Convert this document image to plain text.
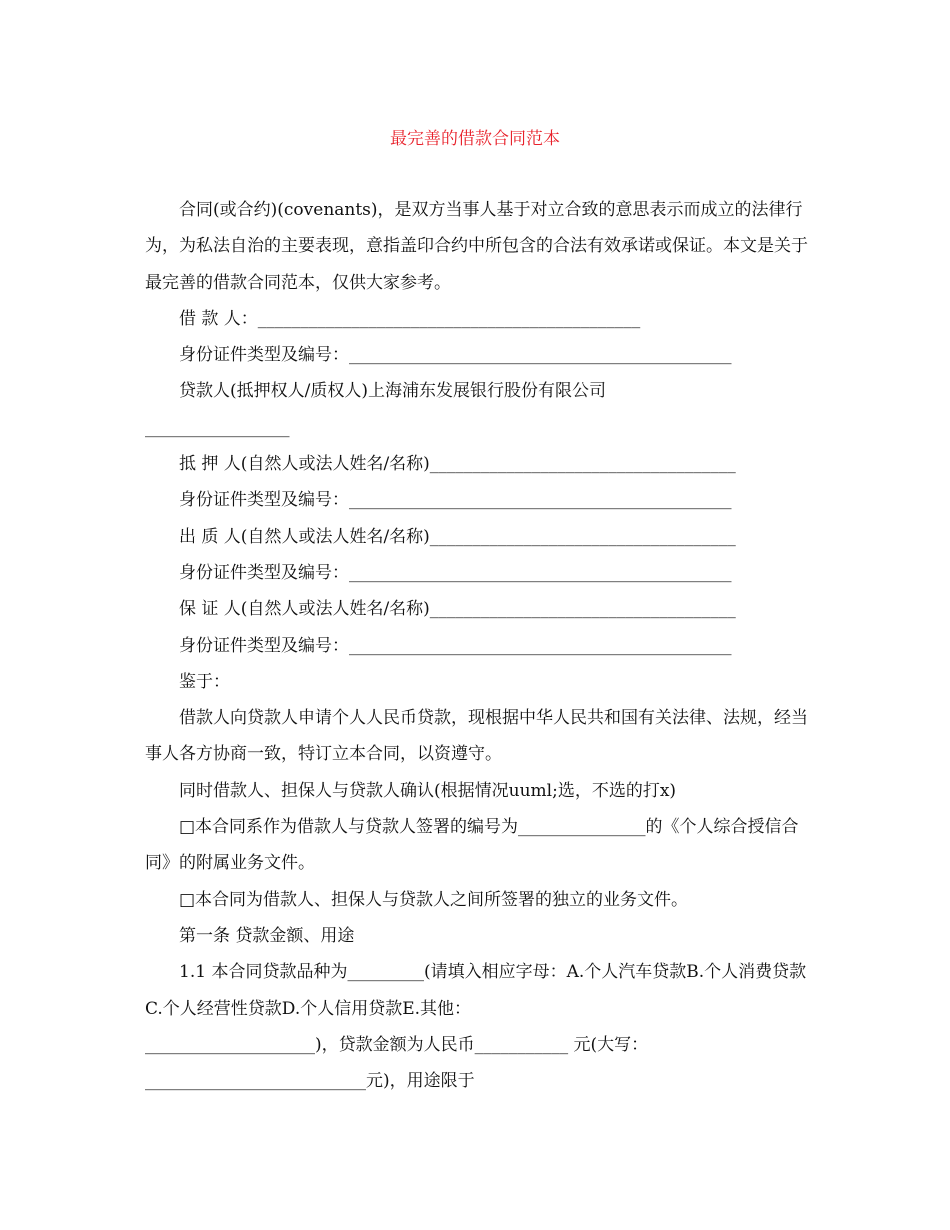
最完善的借款合同范本

合同(或合约)(covenants)，是双方当事人基于对立合致的意思表示而成立的法律行为，为私法自治的主要表现，意指盖印合约中所包含的合法有效承诺或保证。本文是关于最完善的借款合同范本，仅供大家参考。

借 款 人：_____________________________________________

身份证件类型及编号：_____________________________________________

贷款人(抵押权人/质权人)上海浦东发展银行股份有限公司

_________________

抵 押 人(自然人或法人姓名/名称)____________________________________

身份证件类型及编号：_____________________________________________

出 质 人(自然人或法人姓名/名称)____________________________________

身份证件类型及编号：_____________________________________________

保 证 人(自然人或法人姓名/名称)____________________________________

身份证件类型及编号：_____________________________________________

鉴于：

借款人向贷款人申请个人人民币贷款，现根据中华人民共和国有关法律、法规，经当事人各方协商一致，特订立本合同，以资遵守。

同时借款人、担保人与贷款人确认(根据情况uuml;选，不选的打x)

□本合同系作为借款人与贷款人签署的编号为_______________的《个人综合授信合同》的附属业务文件。

□本合同为借款人、担保人与贷款人之间所签署的独立的业务文件。

第一条 贷款金额、用途

1.1 本合同贷款品种为_________(请填入相应字母：A.个人汽车贷款B.个人消费贷款C.个人经营性贷款D.个人信用贷款E.其他：

____________________)，贷款金额为人民币___________ 元(大写：

__________________________元)，用途限于
